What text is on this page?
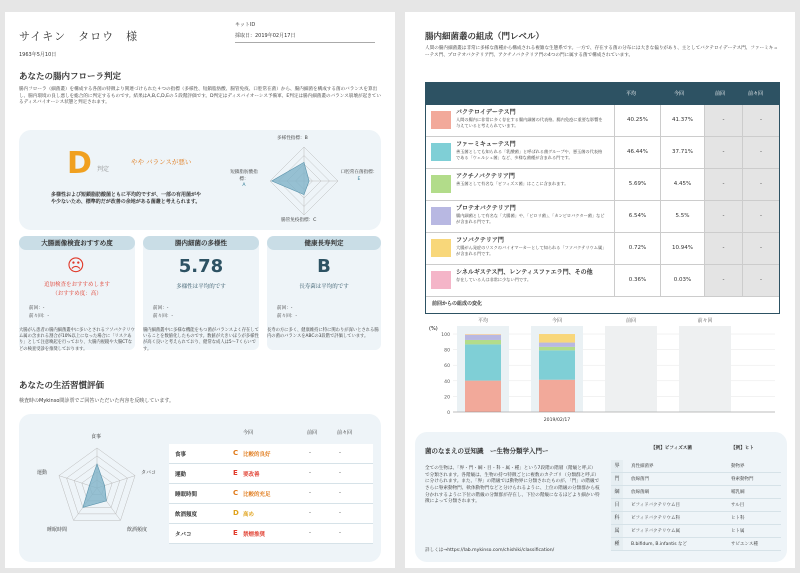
サイキン　タロウ　様
キットID
採取日：2019年02月17日
1963年5月10日
あなたの腸内フローラ判定
腸内フローラ（細菌叢）を構成する各菌の特徴より関連づけられた４つの指標（多様性、短鎖脂肪酸、腸管免疫、口腔常在菌）から、腸内細菌を構成する菌のバランスを算出し、腸内環境の良し悪しを総合的に判定するものです。結果はA,B,C,D,Eの５段階評価です。D判定はディスバイオーシス予備軍、E判定は腸内細菌叢のバランス崩壊が起きているディスバイオーシス状態と判定されます。
D 判定
やや バランスが悪い
多様性および短鎖脂肪酸菌ともに平均的ですが、一部の有用菌がやや少ないため、標準的だが改善の余地がある菌叢と考えられます。
多様性指標：B
口腔常在菌指標：
E
腸管免疫指標：C
短鎖脂肪酸指標：
A
大腸画像検査おすすめ度
☹
追加検査をおすすめします
（おすすめ度：高）
前回：-
前々回：-
腸内細菌の多様性
5.78
多様性は平均的です
前回：-
前々回：-
健康長寿判定
B
長寿菌は平均的です
前回：-
前々回：-
大腸がん患者の腸内細菌叢中に多いとされるフソバクテリウム属の含まれる割合が10%以上になった場合に「リスクあり」として注意喚起を行っており、大腸内視鏡や大腸CTなどの検査受診を推奨しております。
腸内細菌叢中に多様な機能をもつ菌がバランスよく存在していることを数値化したものです。数値が大きいほうが多様性が高く良いと考えられており、健常な成人は5〜7くらいです。
長寿の方に多く、健康維持に特に関わりが深いとされる腸内の菌のバランスをABCの3段階で評価しています。
あなたの生活習慣評価
検査時のMykinso問診票でご回答いただいた内容を反映しています。
食事
タバコ
飲酒頻度
睡眠時間
運動
今回	前回	前々回
食事	C 比較的良好	-	-
運動	E 要改善	-	-
睡眠時間	C 比較的充足	-	-
飲酒頻度	D 高め	-	-
タバコ	E 禁煙推奨	-	-
腸内細菌叢の組成（門レベル）
人間の腸内細菌叢は非常に多様な菌種から構成される複雑な生態系です。一方で、存在する菌の分布には大きな偏りがあり、主としてバクテロイデーテス門、ファーミキューテス門、プロテオバクテリア門、アクチノバクテリア門の4つの門に属する菌で構成されています。
平均	今回	前回	前々回
バクテロイデーテス門
人間の腸内に非常に多く存在する腸内細菌の代表格。腸内免疫に重要な影響を与えていると考えられています。
40.25%	41.37%	-	-
ファーミキューテス門
善玉菌としても知られる「乳酸菌」と呼ばれる菌グループや、悪玉菌の代表格である「ウェルシュ菌」など、多様な菌種が含まれる門です。
46.44%	37.71%	-	-
アクチノバクテリア門
善玉菌として有名な「ビフィズス菌」はここに含まれます。	5.69%	4.45%	-	-
プロテオバクテリア門
腸内細菌として有名な「大腸菌」や、「ピロリ菌」、「カンピロバクター菌」などが含まれる門です。
6.54%	5.5%	-	-
フソバクテリア門
大腸がん発症のリスクのバイオマーカーとして知られる「フソバクテリウム属」が含まれる門です。
0.72%	10.94%	-	-
シネルギステス門、レンティスファエラ門、その他
存在している人は非常に少ない門です。	0.36%	0.03%	-	-
前回からの組成の変化
(%)
0
20
40
60
80
100
平均	今回	前回	前々回
2019/02/17
菌のなまえの豆知識　ー生物分類学入門ー
全ての生物は、「界・門・綱・目・科・属・種」という7段階の階層（階級と呼ぶ）で分類されます。各階級は、生物の持つ特徴ごとに複数のカテゴリ（分類群と呼ぶ）に分けられます。また、「界」の階級では動物界に分類されたものが、「門」の階級でさらに脊索動物門、軟体動物門などと分けられるように、上位の階級の分類群から枝分かれするように下位の階級の分類群が存在し、下位の階級になるほどより細かい特徴によって分類されます。
詳しくは→https://lab.mykinso.com/chishiki/classification/
【例】ビフィズス菌	【例】ヒト
界	真性細菌界	動物界
門	放線菌門	脊索動物門
綱	放線菌綱	哺乳綱
目	ビフィドバクテリウム目	サル目
科	ビフィドバクテリウム科	ヒト科
属	ビフィドバクテリウム属	ヒト属
種	B.bifidum, B.infantis など	サピエンス種
